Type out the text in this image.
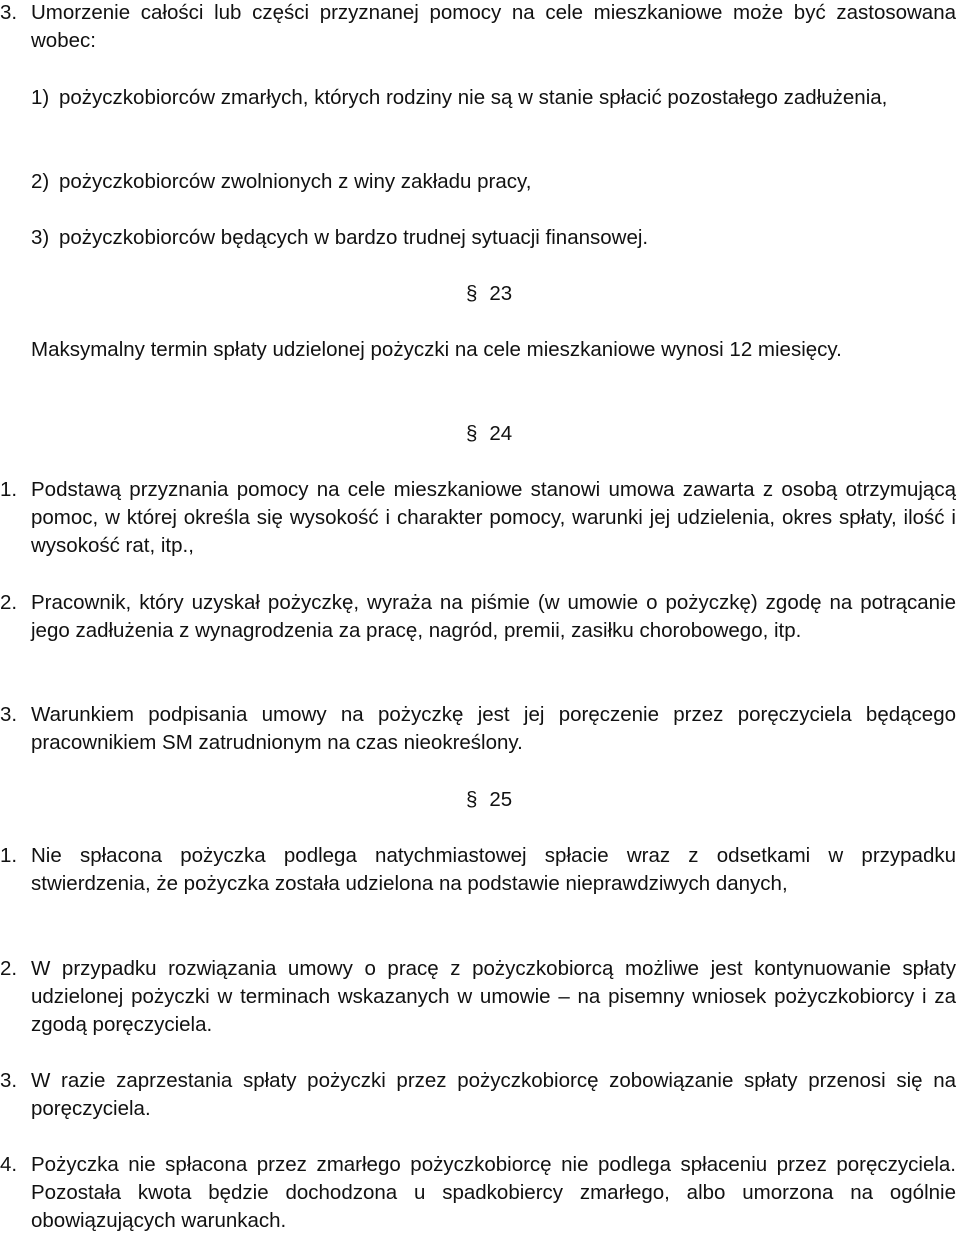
3. Umorzenie całości lub części przyznanej pomocy na cele mieszkaniowe może być zastosowana wobec:
1) pożyczkobiorców zmarłych, których rodziny nie są w stanie spłacić pozostałego zadłużenia,
2) pożyczkobiorców zwolnionych z winy zakładu pracy,
3) pożyczkobiorców będących w bardzo trudnej sytuacji finansowej.
§ 23
Maksymalny termin spłaty udzielonej pożyczki na cele mieszkaniowe wynosi 12 miesięcy.
§ 24
1. Podstawą przyznania pomocy na cele mieszkaniowe stanowi umowa zawarta z osobą otrzymującą pomoc, w której określa się wysokość i charakter pomocy, warunki jej udzielenia, okres spłaty, ilość i wysokość rat, itp.,
2. Pracownik, który uzyskał pożyczkę, wyraża na piśmie (w umowie o pożyczkę) zgodę na potrącanie jego zadłużenia z wynagrodzenia za pracę, nagród, premii, zasiłku chorobowego, itp.
3. Warunkiem podpisania umowy na pożyczkę jest jej poręczenie przez poręczyciela będącego pracownikiem SM zatrudnionym na czas nieokreślony.
§ 25
1. Nie spłacona pożyczka podlega natychmiastowej spłacie wraz z odsetkami w przypadku stwierdzenia, że pożyczka została udzielona na podstawie nieprawdziwych danych,
2. W przypadku rozwiązania umowy o pracę z pożyczkobiorcą możliwe jest kontynuowanie spłaty udzielonej pożyczki w terminach wskazanych w umowie – na pisemny wniosek pożyczkobiorcy i za zgodą poręczyciela.
3. W razie zaprzestania spłaty pożyczki przez pożyczkobiorcę zobowiązanie spłaty przenosi się na poręczyciela.
4. Pożyczka nie spłacona przez zmarłego pożyczkobiorcę nie podlega spłaceniu przez poręczyciela. Pozostała kwota będzie dochodzona u spadkobiercy zmarłego, albo umorzona na ogólnie obowiązujących warunkach.
